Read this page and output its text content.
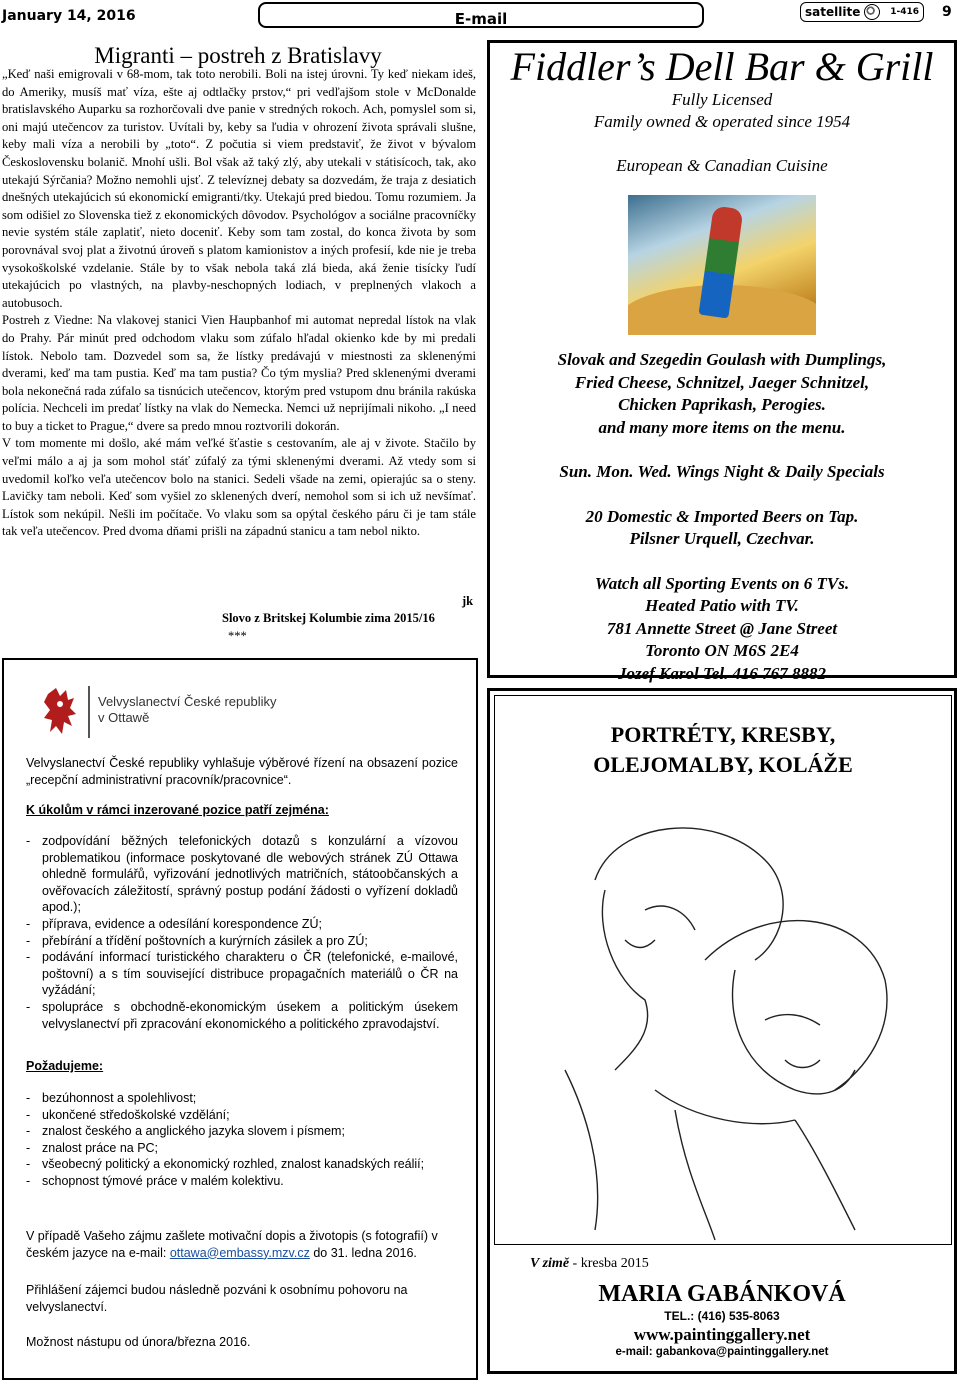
January 14, 2016	E-mail	satellite	1-416 9
Migranti – postreh z Bratislavy

„Keď naši emigrovali v 68-mom, tak toto nerobili. Boli na istej úrovni. Ty keď niekam ideš, do Ameriky, musíš mať víza, ešte aj odtlačky prstov,“ pri vedľajšom stole v McDonalde bratislavského Auparku sa rozhorčovali dve panie v stredných rokoch. Ach, pomyslel som si, oni majú utečencov za turistov. Uvítali by, keby sa ľudia v ohrození života správali slušne, keby mali víza a nerobili by „toto“. Z počutia si viem predstaviť, že život v bývalom Československu bolanič. Mnohí ušli. Bol však až taký zlý, aby utekali v státisícoch, tak, ako utekajú Sýrčania? Možno nemohli ujsť. Z televíznej debaty sa dozvedám, že traja z desiatich dnešných utekajúcich sú ekonomickí emigranti/tky. Utekajú pred biedou. Tomu rozumiem. Ja som odišiel zo Slovenska tiež z ekonomických dôvodov. Psychológov a sociálne pracovníčky nevie systém stále zaplatiť, nieto doceniť. Keby som tam zostal, do konca života by som porovnával svoj plat a životnú úroveň s platom kamionistov a iných profesií, kde nie je treba vysokoškolské vzdelanie. Stále by to však nebola taká zlá bieda, aká ženie tisícky ľudí utekajúcich po vlastných, na plavby-neschopných lodiach, v preplnených vlakoch a autobusoch.

Postreh z Viedne: Na vlakovej stanici Vien Haupbanhof mi automat nepredal lístok na vlak do Prahy. Pár minút pred odchodom vlaku som zúfalo hľadal okienko kde by mi predali lístok. Nebolo tam. Dozvedel som sa, že lístky predávajú v miestnosti za sklenenými dverami, keď ma tam pustia. Keď ma tam pustia? Čo tým myslia? Pred sklenenými dverami bola nekonečná rada zúfalo sa tisnúcich utečencov, ktorým pred vstupom dnu bránila rakúska polícia. Nechceli im predať lístky na vlak do Nemecka. Nemci už neprijímali nikoho. „I need to buy a ticket to Prague,“ dvere sa predo mnou roztvorili dokorán.

V tom momente mi došlo, aké mám veľké šťastie s cestovaním, ale aj v živote. Stačilo by veľmi málo a aj ja som mohol stáť zúfalý za tými sklenenými dverami. Až vtedy som si uvedomil koľko veľa utečencov bolo na stanici. Sedeli všade na zemi, opierajúc sa o steny. Lavičky tam neboli. Keď som vyšiel zo sklenených dverí, nemohol som si ich už nevšímať. Lístok som nekúpil. Nešli im počítače. Vo vlaku som sa opýtal českého páru či je tam stále tak veľa utečencov. Pred dvoma dňami prišli na západnú stanicu a tam nebol nikto.

jk
Slovo z Britskej Kolumbie zima 2015/16
***
Fiddler’s Dell Bar & Grill
Fully Licensed
Family owned & operated since 1954
European & Canadian Cuisine
Slovak and Szegedin Goulash with Dumplings,
Fried Cheese, Schnitzel, Jaeger Schnitzel,
Chicken Paprikash, Perogies.
and many more items on the menu.
Sun. Mon. Wed. Wings Night & Daily Specials
20 Domestic & Imported Beers on Tap.
Pilsner Urquell, Czechvar.
Watch all Sporting Events on 6 TVs.
Heated Patio with TV.
781 Annette Street @ Jane Street
Toronto ON M6S 2E4
Jozef Karol Tel. 416 767 8882
Velvyslanectví České republiky
v Ottawě
Velvyslanectví České republiky vyhlašuje výběrové řízení na obsazení pozice „recepční administrativní pracovník/pracovnice“.
K úkolům v rámci inzerované pozice patří zejména:
- zodpovídání běžných telefonických dotazů s konzulární a vízovou problematikou (informace poskytované dle webových stránek ZÚ Ottawa ohledně formulářů, vyřizování jednotlivých matričních, státoobčanských a ověřovacích záležitostí, správný postup podání žádosti o vyřízení dokladů apod.);
- příprava, evidence a odesílání korespondence ZÚ;
- přebírání a třídění poštovních a kurýrních zásilek a pro ZÚ;
- podávání informací turistického charakteru o ČR (telefonické, e-mailové, poštovní) a s tím související distribuce propagačních materiálů o ČR na vyžádání;
- spolupráce s obchodně-ekonomickým úsekem a politickým úsekem velvyslanectví při zpracování ekonomického a politického zpravodajství.
Požadujeme:
- bezúhonnost a spolehlivost;
- ukončené středoškolské vzdělání;
- znalost českého a anglického jazyka slovem i písmem;
- znalost práce na PC;
- všeobecný politický a ekonomický rozhled, znalost kanadských reálií;
- schopnost týmové práce v malém kolektivu.
V případě Vašeho zájmu zašlete motivační dopis a životopis (s fotografií) v českém jazyce na e-mail: ottawa@embassy.mzv.cz do 31. ledna 2016.
Přihlášení zájemci budou následně pozváni k osobnímu pohovoru na velvyslanectví.
Možnost nástupu od února/března 2016.
PORTRÉTY, KRESBY,
OLEJOMALBY, KOLÁŽE
V zimě - kresba 2015
MARIA GABÁNKOVÁ
TEL.: (416) 535-8063
www.paintinggallery.net
e-mail: gabankova@paintinggallery.net
